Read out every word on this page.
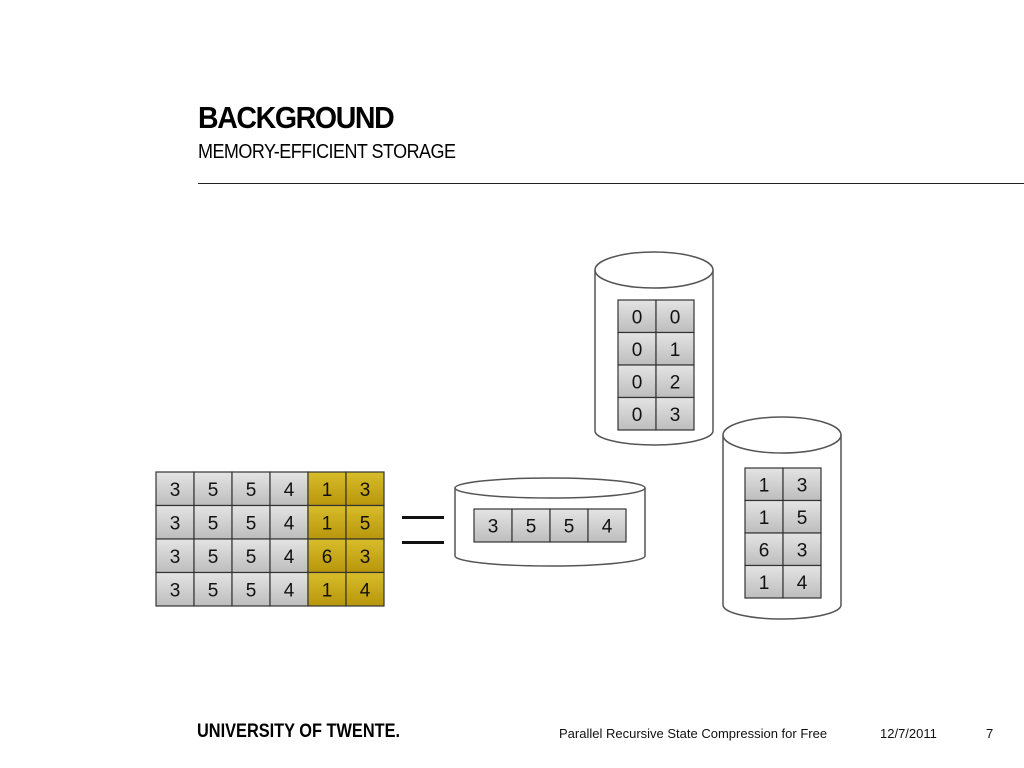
BACKGROUND
MEMORY-EFFICIENT STORAGE
3 5 5 4 1 3
3 5 5 4 1 5
3 5 5 4 6 3
3 5 5 4 1 4
0 0
0 1
0 2
0 3
1 3
1 5
6 3
1 4
3 5 5 4
UNIVERSITY OF TWENTE.	Parallel Recursive State Compression for Free	12/7/2011	7
